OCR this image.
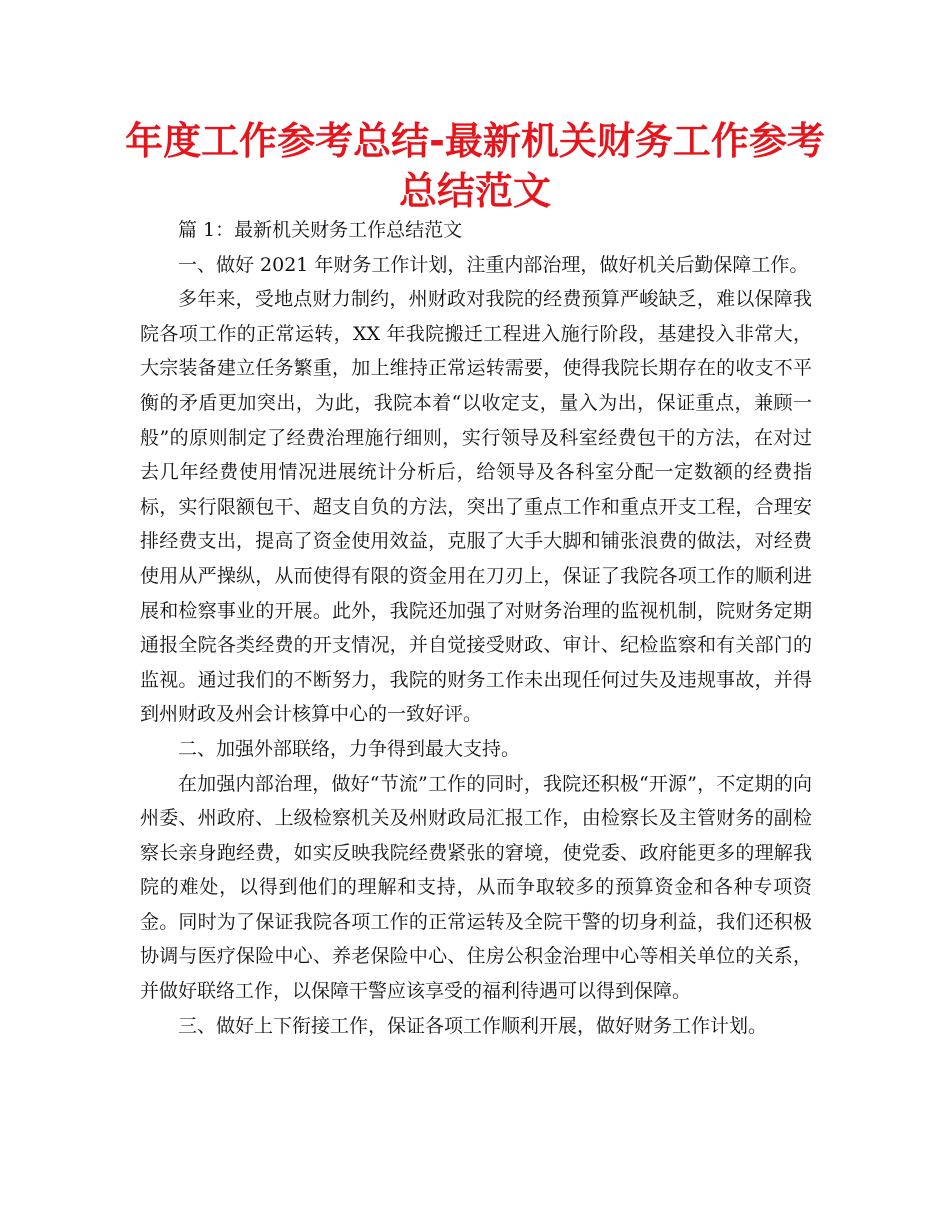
年度工作参考总结-最新机关财务工作参考总结范文

篇 1：最新机关财务工作总结范文

一、做好 2021 年财务工作计划，注重内部治理，做好机关后勤保障工作。

多年来，受地点财力制约，州财政对我院的经费预算严峻缺乏，难以保障我院各项工作的正常运转，XX 年我院搬迁工程进入施行阶段，基建投入非常大，大宗装备建立任务繁重，加上维持正常运转需要，使得我院长期存在的收支不平衡的矛盾更加突出，为此，我院本着“以收定支，量入为出，保证重点，兼顾一般”的原则制定了经费治理施行细则，实行领导及科室经费包干的方法，在对过去几年经费使用情况进展统计分析后，给领导及各科室分配一定数额的经费指标，实行限额包干、超支自负的方法，突出了重点工作和重点开支工程，合理安排经费支出，提高了资金使用效益，克服了大手大脚和铺张浪费的做法，对经费使用从严操纵，从而使得有限的资金用在刀刃上，保证了我院各项工作的顺利进展和检察事业的开展。此外，我院还加强了对财务治理的监视机制，院财务定期通报全院各类经费的开支情况，并自觉接受财政、审计、纪检监察和有关部门的监视。通过我们的不断努力，我院的财务工作未出现任何过失及违规事故，并得到州财政及州会计核算中心的一致好评。

二、加强外部联络，力争得到最大支持。

在加强内部治理，做好“节流”工作的同时，我院还积极“开源”，不定期的向州委、州政府、上级检察机关及州财政局汇报工作，由检察长及主管财务的副检察长亲身跑经费，如实反映我院经费紧张的窘境，使党委、政府能更多的理解我院的难处，以得到他们的理解和支持，从而争取较多的预算资金和各种专项资金。同时为了保证我院各项工作的正常运转及全院干警的切身利益，我们还积极协调与医疗保险中心、养老保险中心、住房公积金治理中心等相关单位的关系，并做好联络工作，以保障干警应该享受的福利待遇可以得到保障。

三、做好上下衔接工作，保证各项工作顺利开展，做好财务工作计划。
